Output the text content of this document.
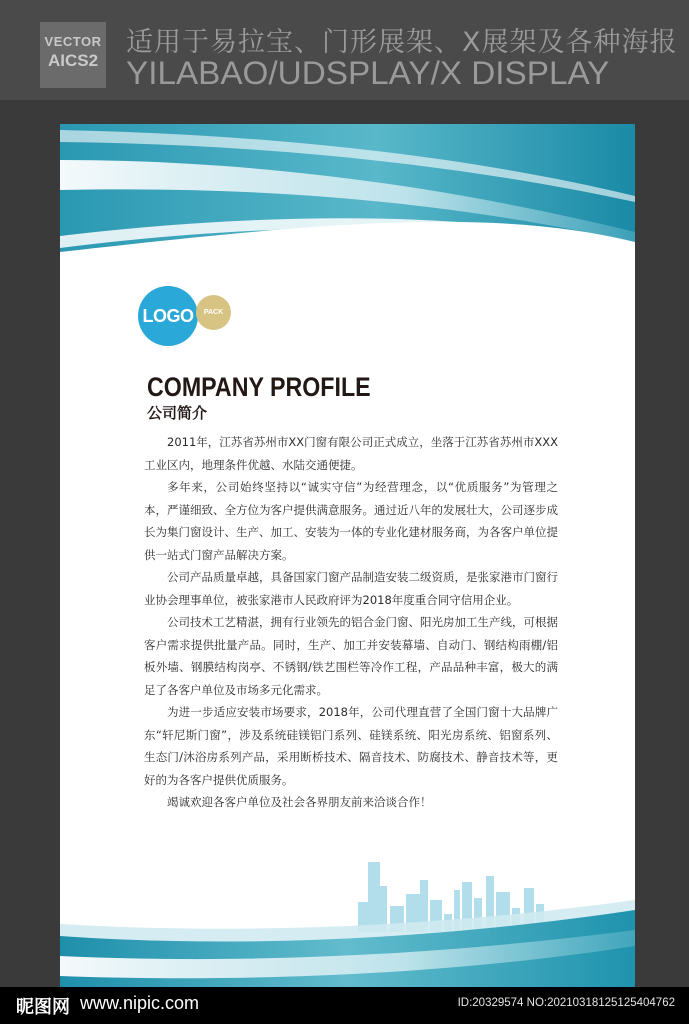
VECTOR
AICS2
适用于易拉宝、门形展架、X展架及各种海报
YILABAO/UDSPLAY/X DISPLAY
LOGO	PACK
COMPANY PROFILE
公司简介

2011年，江苏省苏州市XX门窗有限公司正式成立，坐落于江苏省苏州市XXX工业区内，地理条件优越、水陆交通便捷。

多年来，公司始终坚持以“诚实守信”为经营理念，以“优质服务”为管理之本，严谨细致、全方位为客户提供满意服务。通过近八年的发展壮大，公司逐步成长为集门窗设计、生产、加工、安装为一体的专业化建材服务商，为各客户单位提供一站式门窗产品解决方案。

公司产品质量卓越，具备国家门窗产品制造安装二级资质，是张家港市门窗行业协会理事单位，被张家港市人民政府评为2018年度重合同守信用企业。

公司技术工艺精湛，拥有行业领先的铝合金门窗、阳光房加工生产线，可根据客户需求提供批量产品。同时，生产、加工并安装幕墙、自动门、钢结构雨棚/铝板外墙、钢膜结构岗亭、不锈钢/铁艺围栏等冷作工程，产品品种丰富，极大的满足了各客户单位及市场多元化需求。

为进一步适应安装市场要求，2018年，公司代理直营了全国门窗十大品牌广东“轩尼斯门窗”，涉及系统硅镁铝门系列、硅镁系统、阳光房系统、铝窗系列、生态门/沐浴房系列产品，采用断桥技术、隔音技术、防腐技术、静音技术等，更好的为各客户提供优质服务。

竭诚欢迎各客户单位及社会各界朋友前来洽谈合作！

昵图网 www.nipic.com	ID:20329574 NO:20210318125125404762
